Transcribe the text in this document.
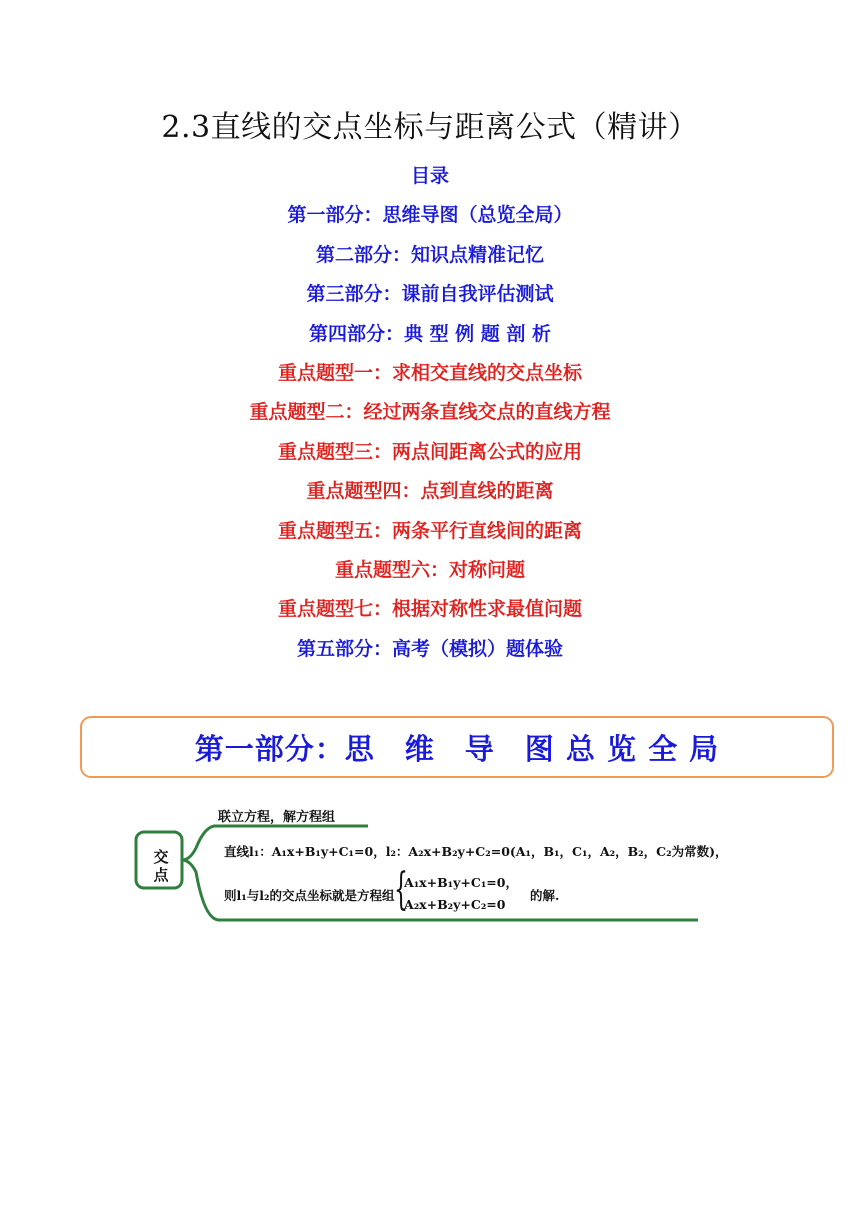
2.3直线的交点坐标与距离公式（精讲）
目录
第一部分：思维导图（总览全局）
第二部分：知识点精准记忆
第三部分：课前自我评估测试
第四部分：典 型 例 题 剖 析
重点题型一：求相交直线的交点坐标
重点题型二：经过两条直线交点的直线方程
重点题型三：两点间距离公式的应用
重点题型四：点到直线的距离
重点题型五：两条平行直线间的距离
重点题型六：对称问题
重点题型七：根据对称性求最值问题
第五部分：高考（模拟）题体验
第一部分：思　维　导　图 总 览 全 局
交
点
联立方程，解方程组
直线l₁：A₁x+B₁y+C₁=0，l₂：A₂x+B₂y+C₂=0(A₁，B₁，C₁，A₂，B₂，C₂为常数)，
则l₁与l₂的交点坐标就是方程组 {
A₁x+B₁y+C₁=0，
A₂x+B₂y+C₂=0
的解.
